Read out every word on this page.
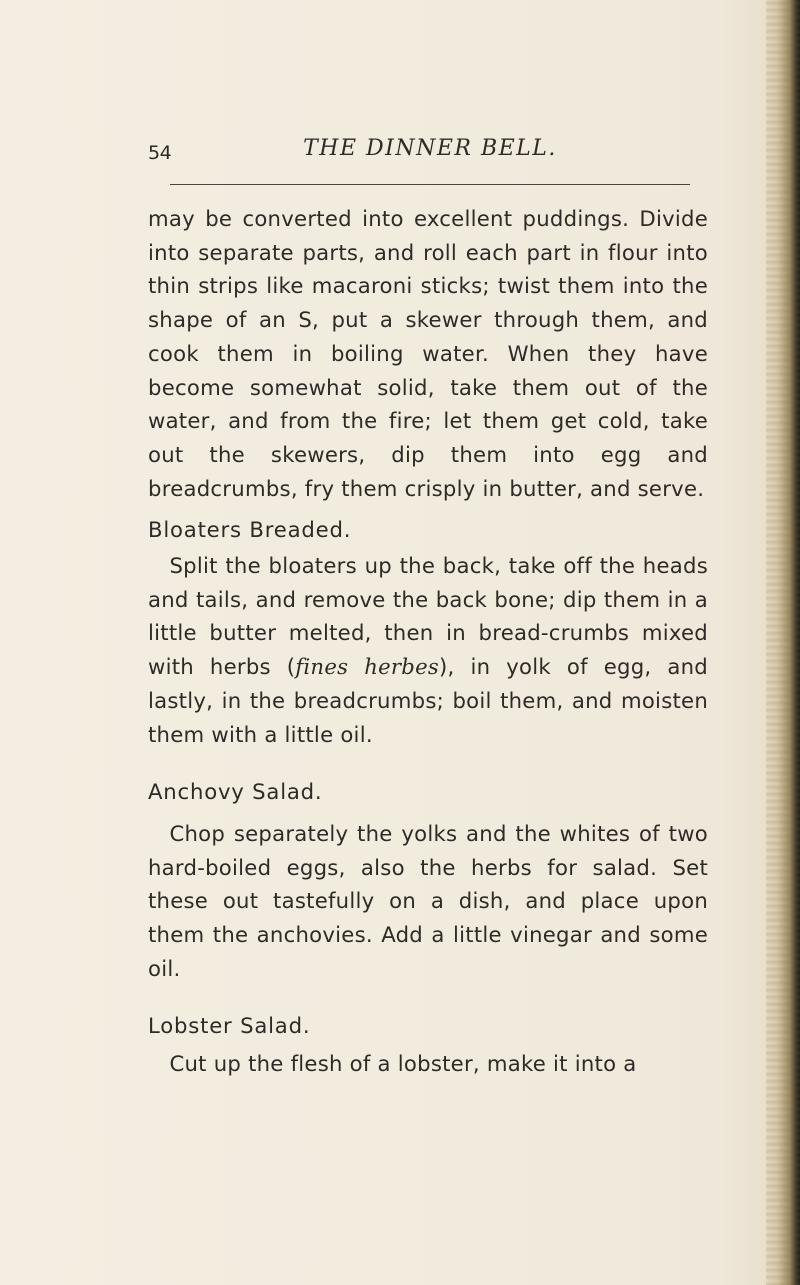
54	THE DINNER BELL.

may be converted into excellent puddings. Divide into separate parts, and roll each part in flour into thin strips like macaroni sticks; twist them into the shape of an S, put a skewer through them, and cook them in boiling water. When they have become somewhat solid, take them out of the water, and from the fire; let them get cold, take out the skewers, dip them into egg and breadcrumbs, fry them crisply in butter, and serve.

Bloaters Breaded.

 Split the bloaters up the back, take off the heads and tails, and remove the back bone; dip them in a little butter melted, then in bread-crumbs mixed with herbs (fines herbes), in yolk of egg, and lastly, in the breadcrumbs; boil them, and moisten them with a little oil.

Anchovy Salad.

 Chop separately the yolks and the whites of two hard-boiled eggs, also the herbs for salad. Set these out tastefully on a dish, and place upon them the anchovies. Add a little vinegar and some oil.

Lobster Salad.

 Cut up the flesh of a lobster, make it into a
